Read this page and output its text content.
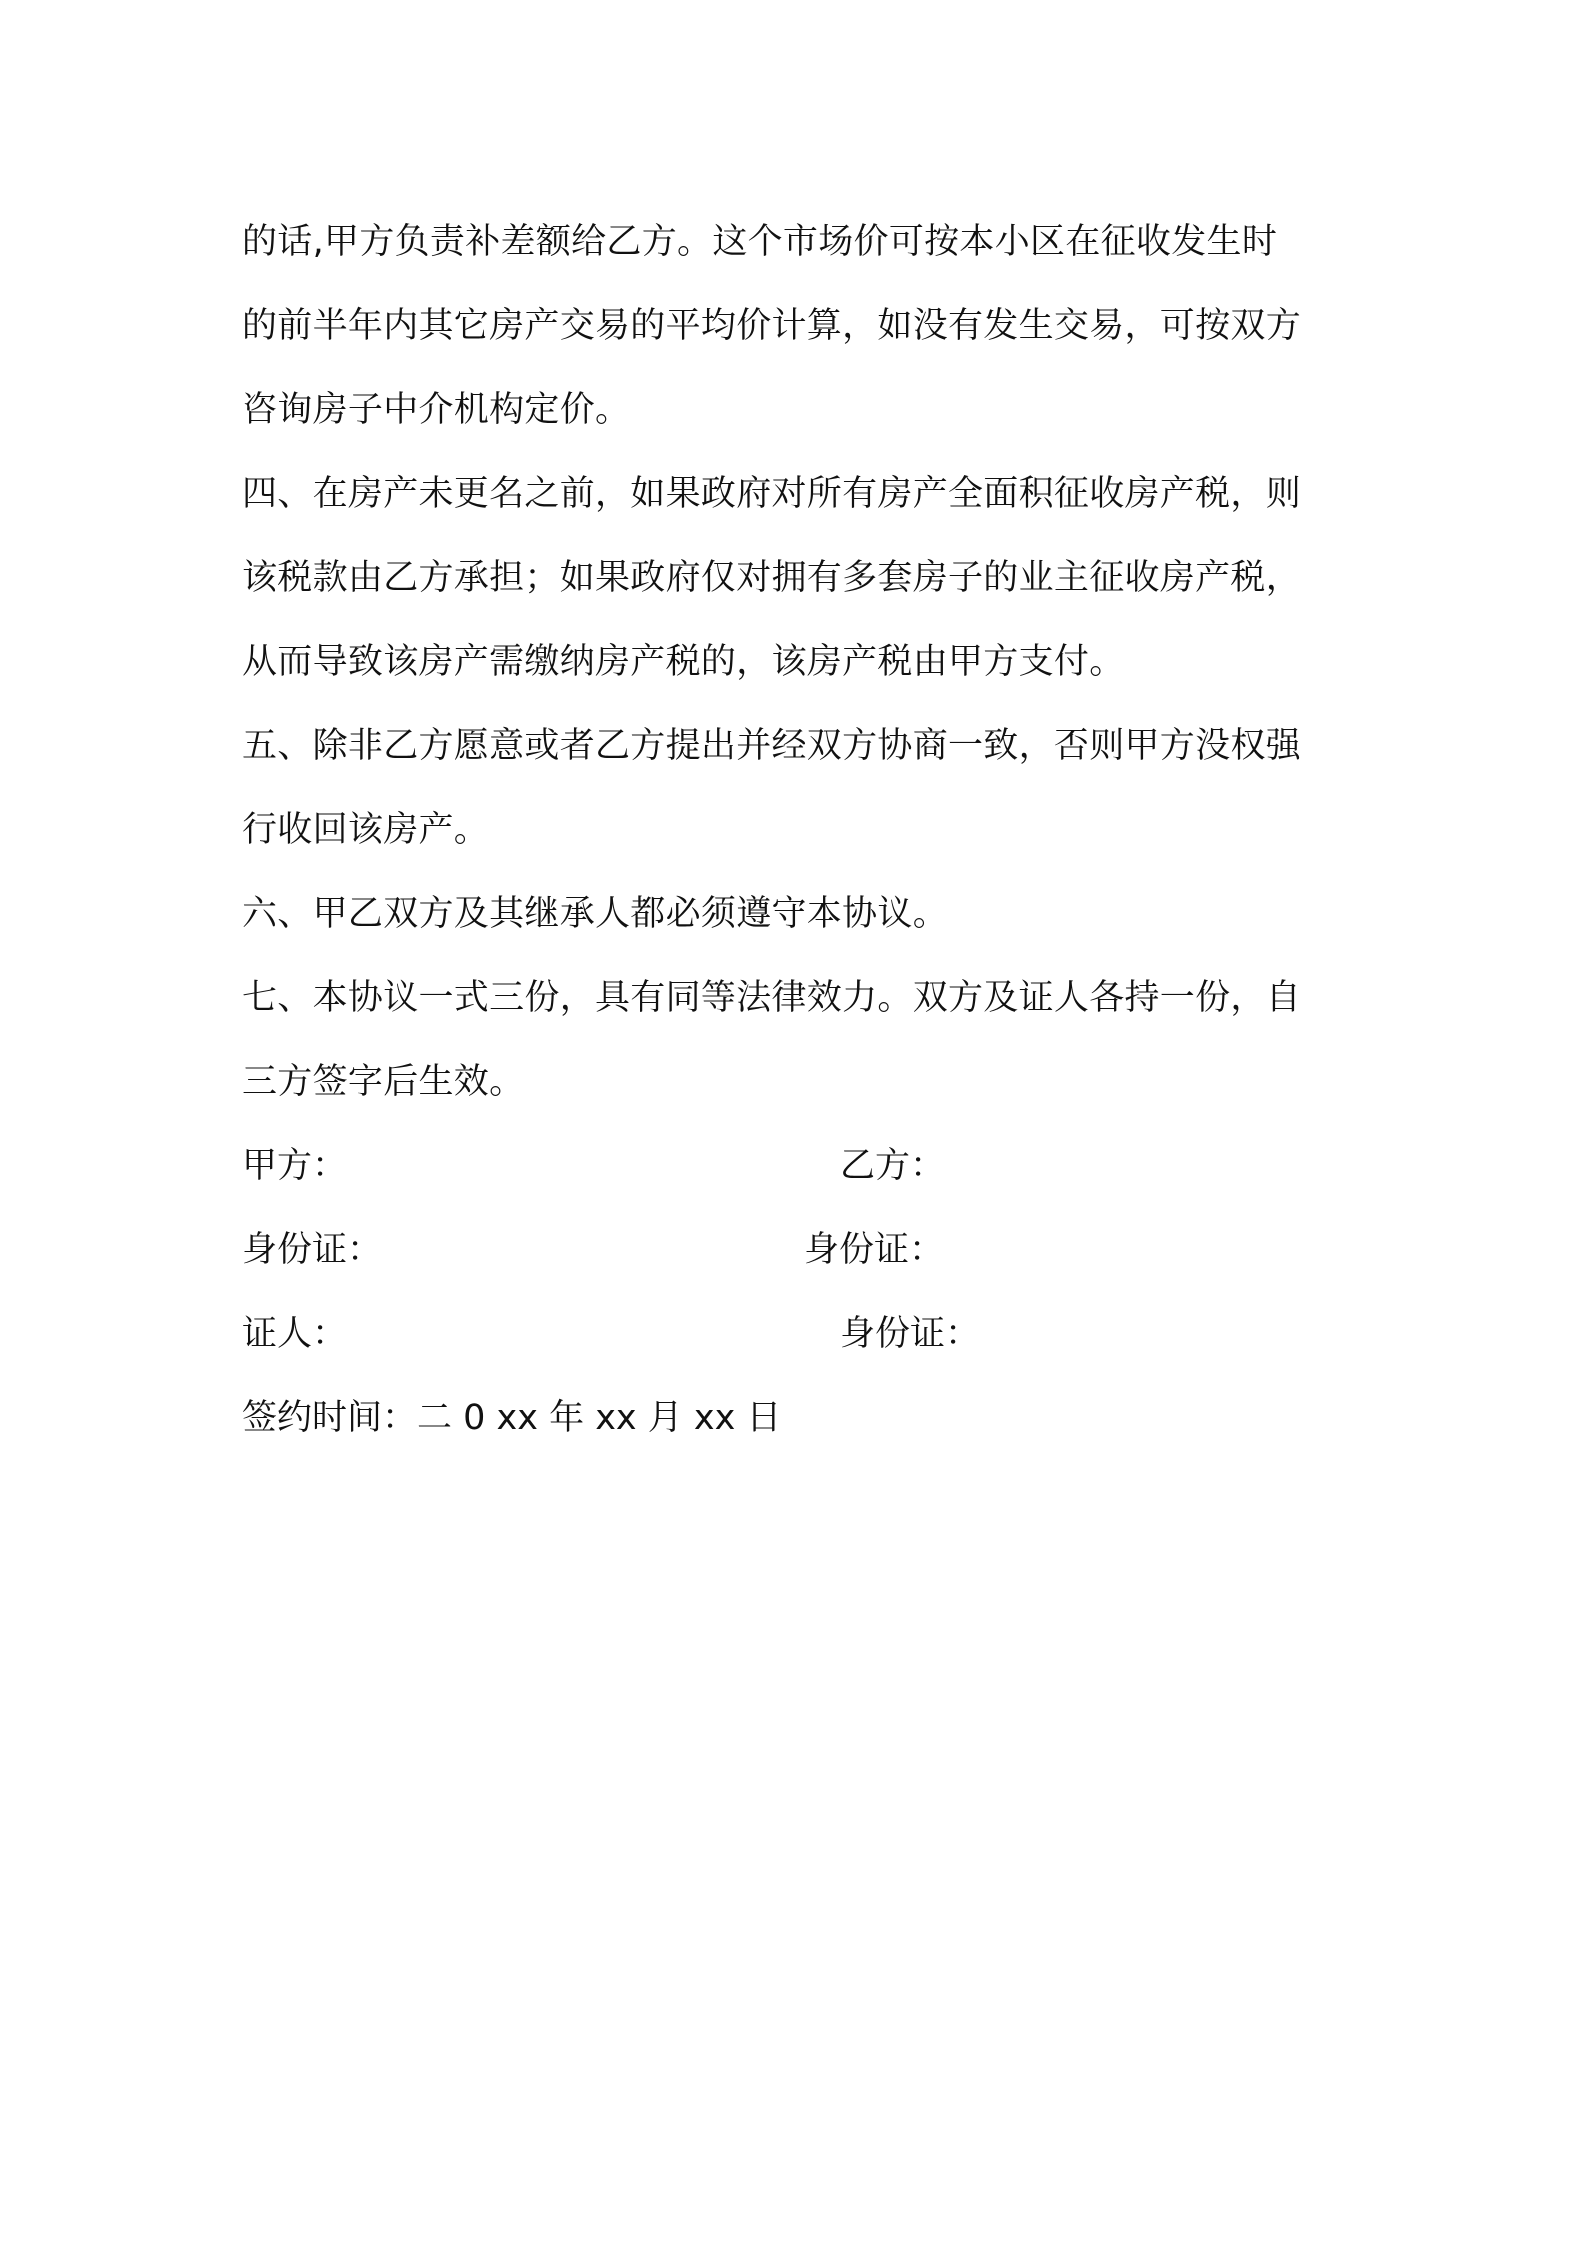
的话,甲方负责补差额给乙方。这个市场价可按本小区在征收发生时
的前半年内其它房产交易的平均价计算，如没有发生交易，可按双方
咨询房子中介机构定价。
四、在房产未更名之前，如果政府对所有房产全面积征收房产税，则
该税款由乙方承担；如果政府仅对拥有多套房子的业主征收房产税，
从而导致该房产需缴纳房产税的，该房产税由甲方支付。
五、除非乙方愿意或者乙方提出并经双方协商一致，否则甲方没权强
行收回该房产。
六、甲乙双方及其继承人都必须遵守本协议。
七、本协议一式三份，具有同等法律效力。双方及证人各持一份，自
三方签字后生效。
甲方：	乙方：
身份证：	身份证：
证人：	身份证：
签约时间：二 0 xx 年 xx 月 xx 日
